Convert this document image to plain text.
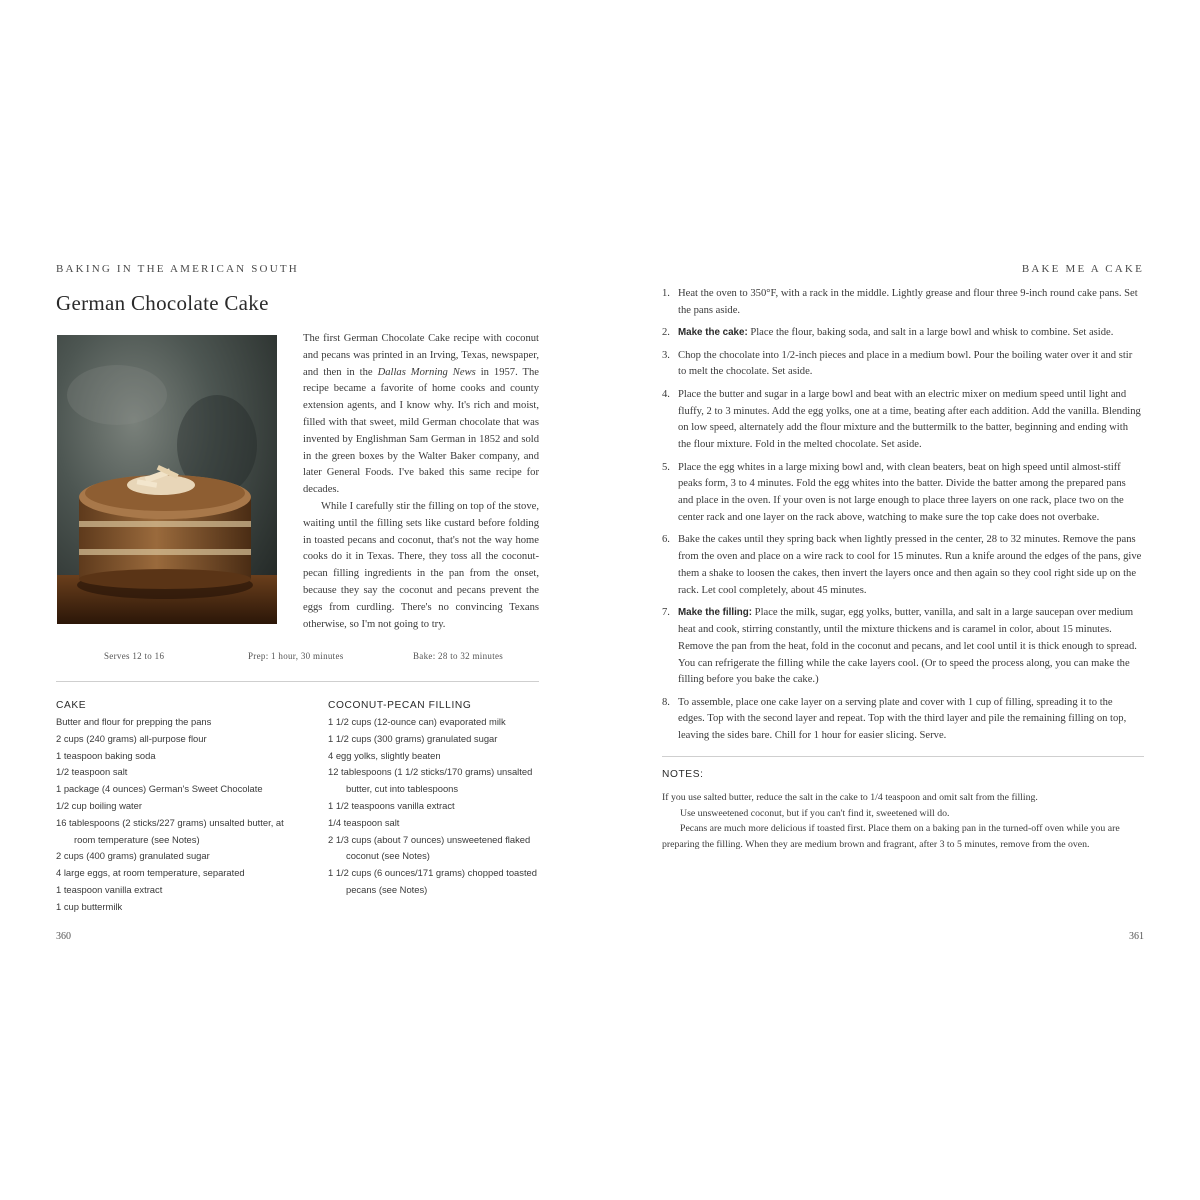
BAKING IN THE AMERICAN SOUTH
German Chocolate Cake

The first German Chocolate Cake recipe with coconut and pecans was printed in an Irving, Texas, newspaper, and then in the Dallas Morning News in 1957. The recipe became a favorite of home cooks and county extension agents, and I know why. It's rich and moist, filled with that sweet, mild German chocolate that was invented by Englishman Sam German in 1852 and sold in the green boxes by the Walter Baker company, and later General Foods. I've baked this same recipe for decades.

While I carefully stir the filling on top of the stove, waiting until the filling sets like custard before folding in toasted pecans and coconut, that's not the way home cooks do it in Texas. There, they toss all the coconut-pecan filling ingredients in the pan from the onset, because they say the coconut and pecans prevent the eggs from curdling. There's no convincing Texans otherwise, so I'm not going to try.

Serves 12 to 16	Prep: 1 hour, 30 minutes	Bake: 28 to 32 minutes
CAKE
Butter and flour for prepping the pans
2 cups (240 grams) all-purpose flour
1 teaspoon baking soda
1/2 teaspoon salt
1 package (4 ounces) German's Sweet Chocolate
1/2 cup boiling water
16 tablespoons (2 sticks/227 grams) unsalted butter, at room temperature (see Notes)
2 cups (400 grams) granulated sugar
4 large eggs, at room temperature, separated
1 teaspoon vanilla extract
1 cup buttermilk
COCONUT-PECAN FILLING
1 1/2 cups (12-ounce can) evaporated milk
1 1/2 cups (300 grams) granulated sugar
4 egg yolks, slightly beaten
12 tablespoons (1 1/2 sticks/170 grams) unsalted butter, cut into tablespoons
1 1/2 teaspoons vanilla extract
1/4 teaspoon salt
2 1/3 cups (about 7 ounces) unsweetened flaked coconut (see Notes)
1 1/2 cups (6 ounces/171 grams) chopped toasted pecans (see Notes)
360
BAKE ME A CAKE
1. Heat the oven to 350°F, with a rack in the middle. Lightly grease and flour three 9-inch round cake pans. Set the pans aside.
2. Make the cake: Place the flour, baking soda, and salt in a large bowl and whisk to combine. Set aside.
3. Chop the chocolate into 1/2-inch pieces and place in a medium bowl. Pour the boiling water over it and stir to melt the chocolate. Set aside.
4. Place the butter and sugar in a large bowl and beat with an electric mixer on medium speed until light and fluffy, 2 to 3 minutes. Add the egg yolks, one at a time, beating after each addition. Add the vanilla. Blending on low speed, alternately add the flour mixture and the buttermilk to the batter, beginning and ending with the flour mixture. Fold in the melted chocolate. Set aside.
5. Place the egg whites in a large mixing bowl and, with clean beaters, beat on high speed until almost-stiff peaks form, 3 to 4 minutes. Fold the egg whites into the batter. Divide the batter among the prepared pans and place in the oven. If your oven is not large enough to place three layers on one rack, place two on the center rack and one layer on the rack above, watching to make sure the top cake does not overbake.
6. Bake the cakes until they spring back when lightly pressed in the center, 28 to 32 minutes. Remove the pans from the oven and place on a wire rack to cool for 15 minutes. Run a knife around the edges of the pans, give them a shake to loosen the cakes, then invert the layers once and then again so they cool right side up on the rack. Let cool completely, about 45 minutes.
7. Make the filling: Place the milk, sugar, egg yolks, butter, vanilla, and salt in a large saucepan over medium heat and cook, stirring constantly, until the mixture thickens and is caramel in color, about 15 minutes. Remove the pan from the heat, fold in the coconut and pecans, and let cool until it is thick enough to spread. You can refrigerate the filling while the cake layers cool. (Or to speed the process along, you can make the filling before you bake the cake.)
8. To assemble, place one cake layer on a serving plate and cover with 1 cup of filling, spreading it to the edges. Top with the second layer and repeat. Top with the third layer and pile the remaining filling on top, leaving the sides bare. Chill for 1 hour for easier slicing. Serve.
NOTES:

If you use salted butter, reduce the salt in the cake to 1/4 teaspoon and omit salt from the filling.

Use unsweetened coconut, but if you can't find it, sweetened will do.

Pecans are much more delicious if toasted first. Place them on a baking pan in the turned-off oven while you are preparing the filling. When they are medium brown and fragrant, after 3 to 5 minutes, remove from the oven.

361
